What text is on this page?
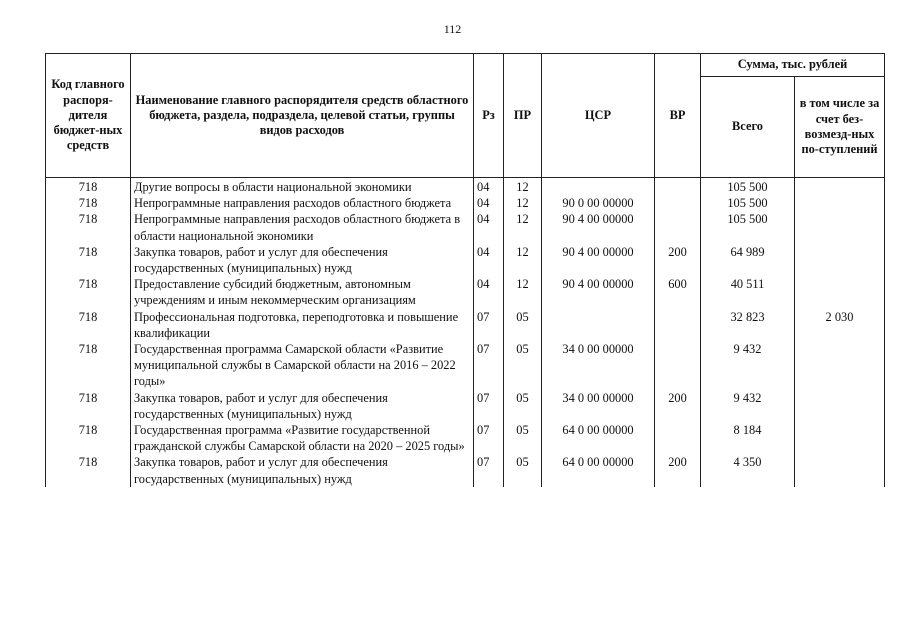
112
Код главного распоря-дителя бюджет-ных средств	Наименование главного распорядителя средств областного бюджета, раздела, подраздела, целевой статьи, группы видов расходов	Рз	ПР	ЦСР	ВР	Сумма, тыс. рублей	
						Всего	в том числе за счет без-возмезд-ных по-ступлений
718	Другие вопросы в области национальной экономики	04	12			105 500	
718	Непрограммные направления расходов областного бюджета	04	12	90 0 00 00000		105 500	
718	Непрограммные направления расходов областного бюджета в области национальной экономики	04	12	90 4 00 00000		105 500	
718	Закупка товаров, работ и услуг для обеспечения государственных (муниципальных) нужд	04	12	90 4 00 00000	200	64 989	
718	Предоставление субсидий бюджетным, автономным учреждениям и иным некоммерческим организациям	04	12	90 4 00 00000	600	40 511	
718	Профессиональная подготовка, переподготовка и повышение квалификации	07	05			32 823	2 030
718	Государственная программа Самарской области «Развитие муниципальной службы в Самарской области на 2016 – 2022 годы»	07	05	34 0 00 00000		9 432	
718	Закупка товаров, работ и услуг для обеспечения государственных (муниципальных) нужд	07	05	34 0 00 00000	200	9 432	
718	Государственная программа «Развитие государственной гражданской службы Самарской области на 2020 – 2025 годы»	07	05	64 0 00 00000		8 184	
718	Закупка товаров, работ и услуг для обеспечения государственных (муниципальных) нужд	07	05	64 0 00 00000	200	4 350	
